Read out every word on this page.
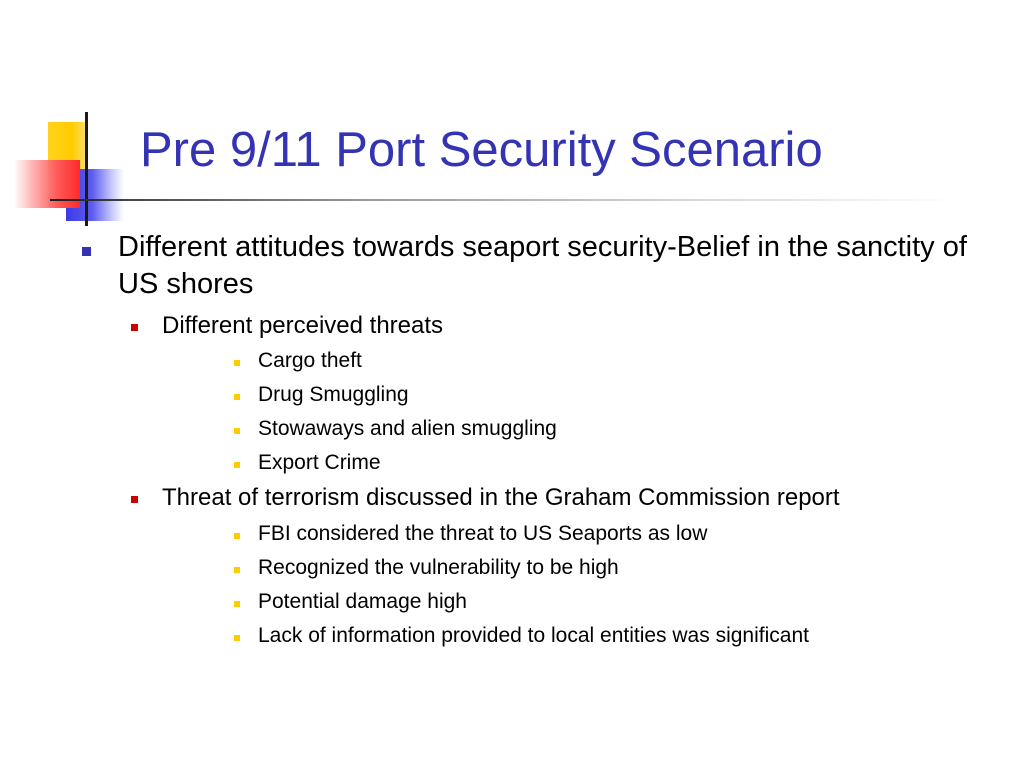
Pre 9/11 Port Security Scenario
Different attitudes towards seaport security-Belief in the sanctity of US shores
Different perceived threats
Cargo theft
Drug Smuggling
Stowaways and alien smuggling
Export Crime
Threat of terrorism discussed in the Graham Commission report
FBI considered the threat to US Seaports as low
Recognized the vulnerability to be high
Potential damage high
Lack of information provided to local entities was significant
